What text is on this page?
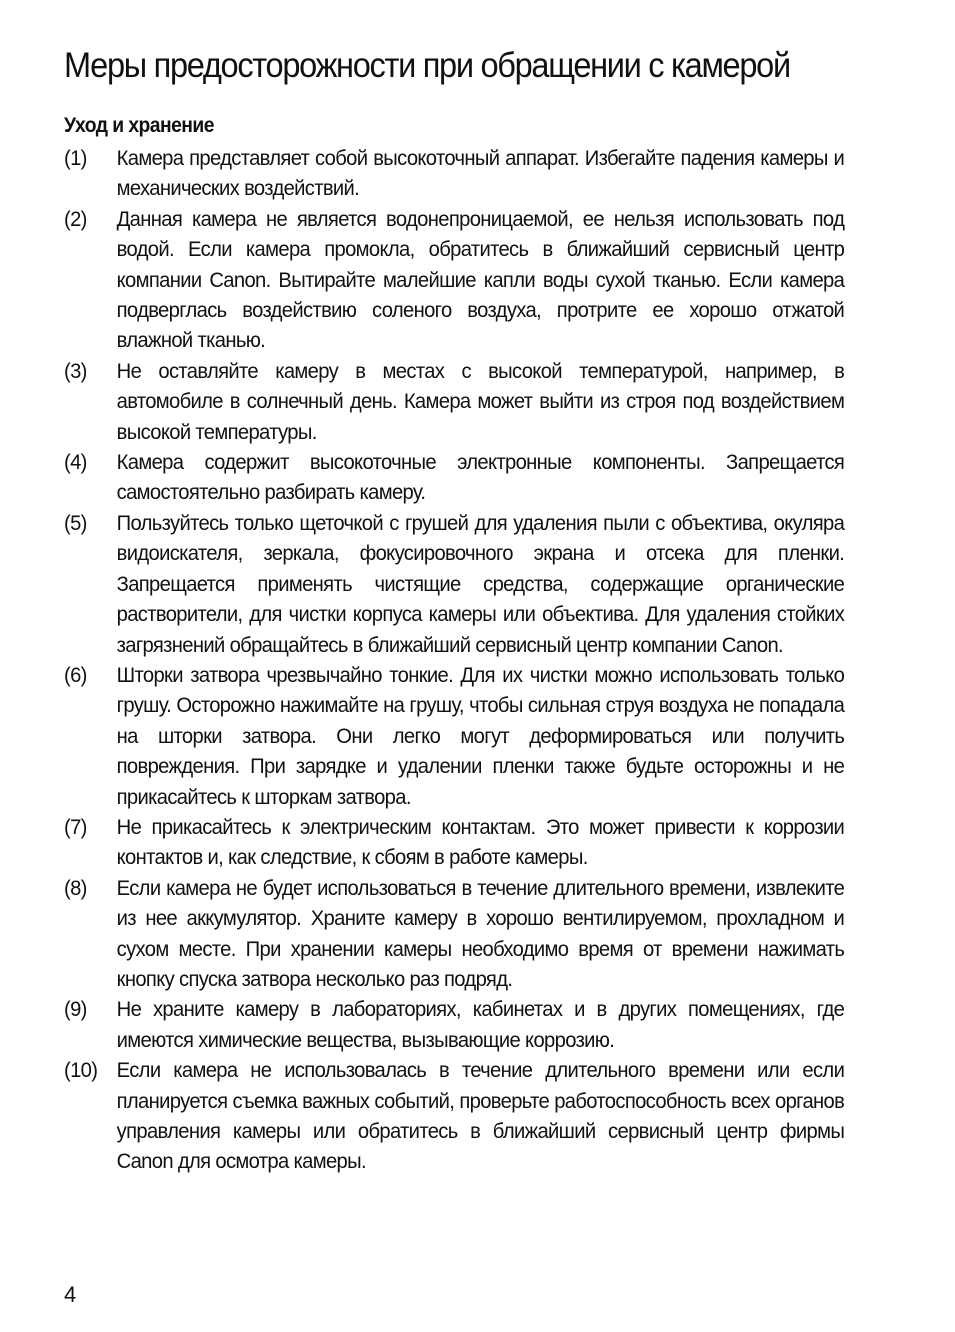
Меры предосторожности при обращении с камерой
Уход и хранение
(1) Камера представляет собой высокоточный аппарат. Избегайте падения камеры и механических воздействий.
(2) Данная камера не является водонепроницаемой, ее нельзя использовать под водой. Если камера промокла, обратитесь в ближайший сервисный центр компании Canon. Вытирайте малейшие капли воды сухой тканью. Если камера подверглась воздействию соленого воздуха, протрите ее хорошо отжатой влажной тканью.
(3) Не оставляйте камеру в местах с высокой температурой, например, в автомобиле в солнечный день. Камера может выйти из строя под воздействием высокой температуры.
(4) Камера содержит высокоточные электронные компоненты. Запрещается самостоятельно разбирать камеру.
(5) Пользуйтесь только щеточкой с грушей для удаления пыли с объектива, окуляра видоискателя, зеркала, фокусировочного экрана и отсека для пленки. Запрещается применять чистящие средства, содержащие органические растворители, для чистки корпуса камеры или объектива. Для удаления стойких загрязнений обращайтесь в ближайший сервисный центр компании Canon.
(6) Шторки затвора чрезвычайно тонкие. Для их чистки можно использовать только грушу. Осторожно нажимайте на грушу, чтобы сильная струя воздуха не попадала на шторки затвора. Они легко могут деформироваться или получить повреждения. При зарядке и удалении пленки также будьте осторожны и не прикасайтесь к шторкам затвора.
(7) Не прикасайтесь к электрическим контактам. Это может привести к коррозии контактов и, как следствие, к сбоям в работе камеры.
(8) Если камера не будет использоваться в течение длительного времени, извлеките из нее аккумулятор. Храните камеру в хорошо вентилируемом, прохладном и сухом месте. При хранении камеры необходимо время от времени нажимать кнопку спуска затвора несколько раз подряд.
(9) Не храните камеру в лабораториях, кабинетах и в других помещениях, где имеются химические вещества, вызывающие коррозию.
(10) Если камера не использовалась в течение длительного времени или если планируется съемка важных событий, проверьте работоспособность всех органов управления камеры или обратитесь в ближайший сервисный центр фирмы Canon для осмотра камеры.
4
